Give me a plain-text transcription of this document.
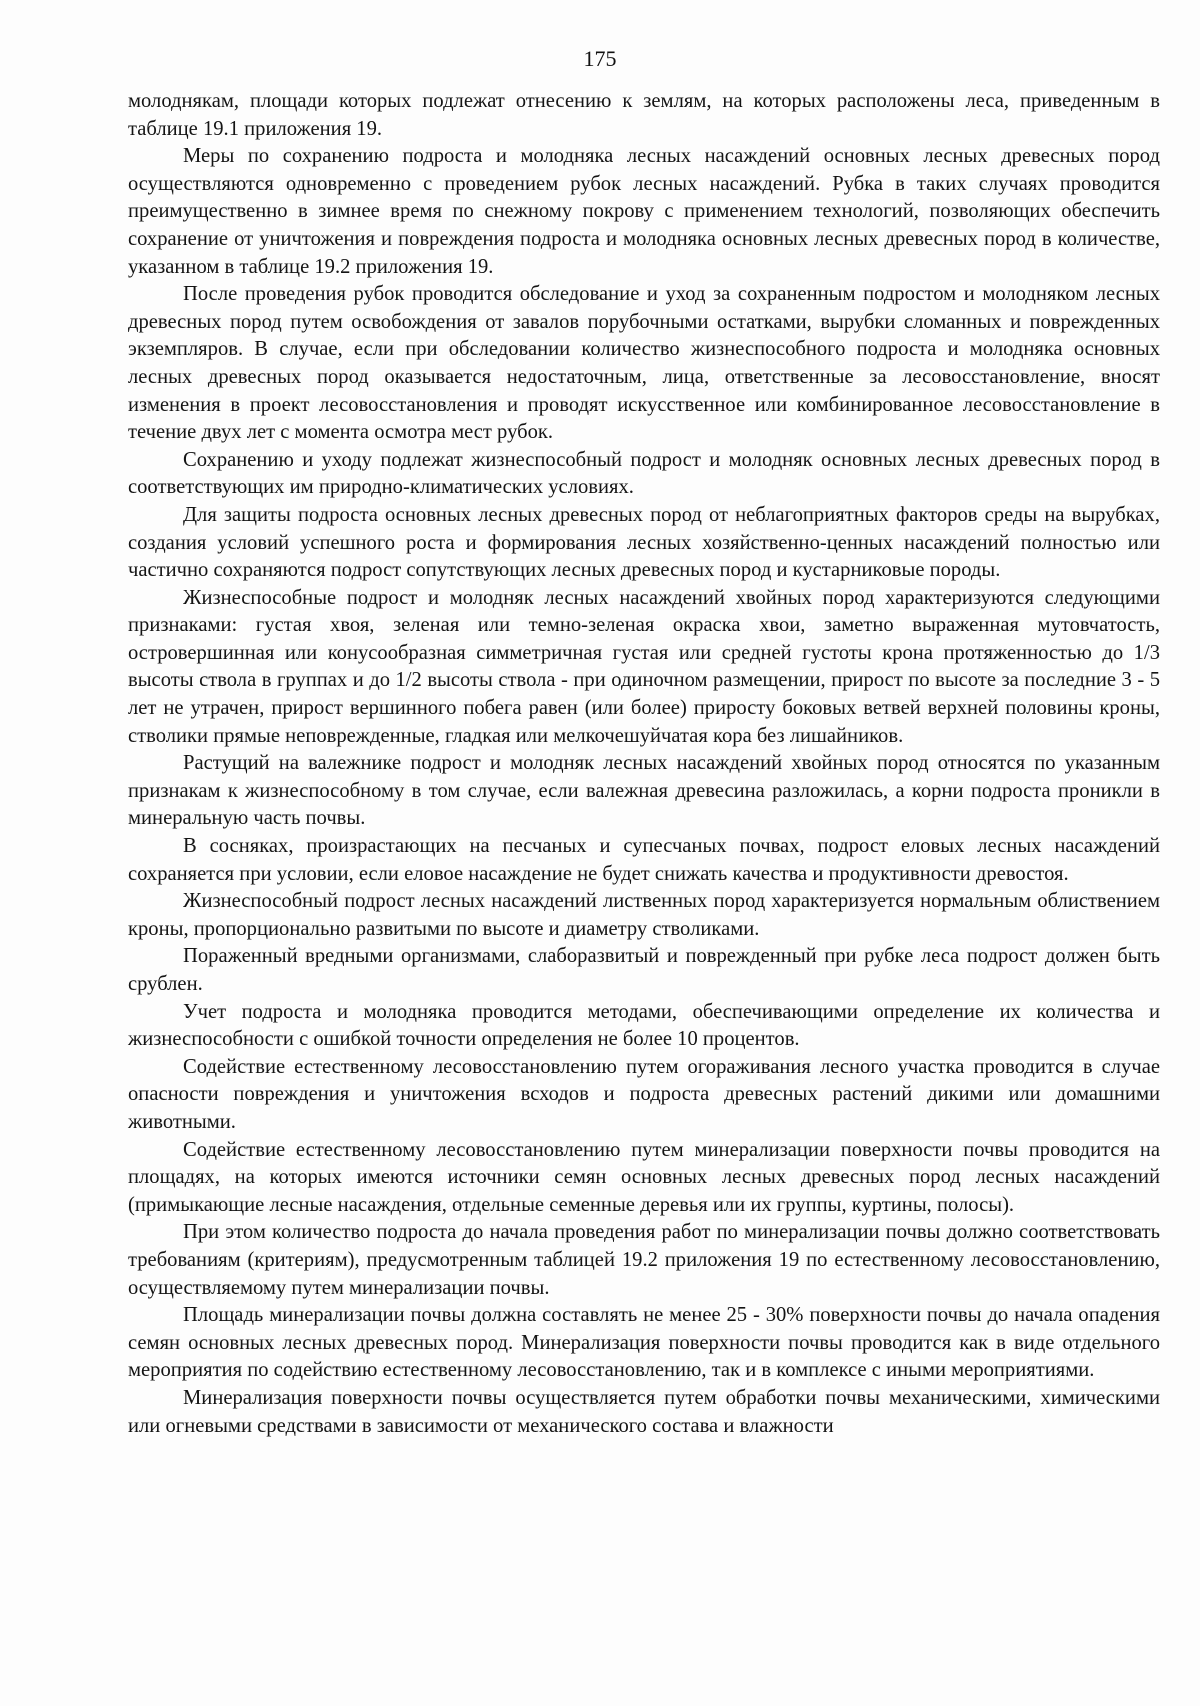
175

молоднякам, площади которых подлежат отнесению к землям, на которых расположены леса, приведенным в таблице 19.1 приложения 19.

Меры по сохранению подроста и молодняка лесных насаждений основных лесных древесных пород осуществляются одновременно с проведением рубок лесных насаждений. Рубка в таких случаях проводится преимущественно в зимнее время по снежному покрову с применением технологий, позволяющих обеспечить сохранение от уничтожения и повреждения подроста и молодняка основных лесных древесных пород в количестве, указанном в таблице 19.2 приложения 19.

После проведения рубок проводится обследование и уход за сохраненным подростом и молодняком лесных древесных пород путем освобождения от завалов порубочными остатками, вырубки сломанных и поврежденных экземпляров. В случае, если при обследовании количество жизнеспособного подроста и молодняка основных лесных древесных пород оказывается недостаточным, лица, ответственные за лесовосстановление, вносят изменения в проект лесовосстановления и проводят искусственное или комбинированное лесовосстановление в течение двух лет с момента осмотра мест рубок.

Сохранению и уходу подлежат жизнеспособный подрост и молодняк основных лесных древесных пород в соответствующих им природно-климатических условиях.

Для защиты подроста основных лесных древесных пород от неблагоприятных факторов среды на вырубках, создания условий успешного роста и формирования лесных хозяйственно-ценных насаждений полностью или частично сохраняются подрост сопутствующих лесных древесных пород и кустарниковые породы.

Жизнеспособные подрост и молодняк лесных насаждений хвойных пород характеризуются следующими признаками: густая хвоя, зеленая или темно-зеленая окраска хвои, заметно выраженная мутовчатость, островершинная или конусообразная симметричная густая или средней густоты крона протяженностью до 1/3 высоты ствола в группах и до 1/2 высоты ствола - при одиночном размещении, прирост по высоте за последние 3 - 5 лет не утрачен, прирост вершинного побега равен (или более) приросту боковых ветвей верхней половины кроны, стволики прямые неповрежденные, гладкая или мелкочешуйчатая кора без лишайников.

Растущий на валежнике подрост и молодняк лесных насаждений хвойных пород относятся по указанным признакам к жизнеспособному в том случае, если валежная древесина разложилась, а корни подроста проникли в минеральную часть почвы.

В сосняках, произрастающих на песчаных и супесчаных почвах, подрост еловых лесных насаждений сохраняется при условии, если еловое насаждение не будет снижать качества и продуктивности древостоя.

Жизнеспособный подрост лесных насаждений лиственных пород характеризуется нормальным облиствением кроны, пропорционально развитыми по высоте и диаметру стволиками.

Пораженный вредными организмами, слаборазвитый и поврежденный при рубке леса подрост должен быть срублен.

Учет подроста и молодняка проводится методами, обеспечивающими определение их количества и жизнеспособности с ошибкой точности определения не более 10 процентов.

Содействие естественному лесовосстановлению путем огораживания лесного участка проводится в случае опасности повреждения и уничтожения всходов и подроста древесных растений дикими или домашними животными.

Содействие естественному лесовосстановлению путем минерализации поверхности почвы проводится на площадях, на которых имеются источники семян основных лесных древесных пород лесных насаждений (примыкающие лесные насаждения, отдельные семенные деревья или их группы, куртины, полосы).

При этом количество подроста до начала проведения работ по минерализации почвы должно соответствовать требованиям (критериям), предусмотренным таблицей 19.2 приложения 19 по естественному лесовосстановлению, осуществляемому путем минерализации почвы.

Площадь минерализации почвы должна составлять не менее 25 - 30% поверхности почвы до начала опадения семян основных лесных древесных пород. Минерализация поверхности почвы проводится как в виде отдельного мероприятия по содействию естественному лесовосстановлению, так и в комплексе с иными мероприятиями.

Минерализация поверхности почвы осуществляется путем обработки почвы механическими, химическими или огневыми средствами в зависимости от механического состава и влажности
